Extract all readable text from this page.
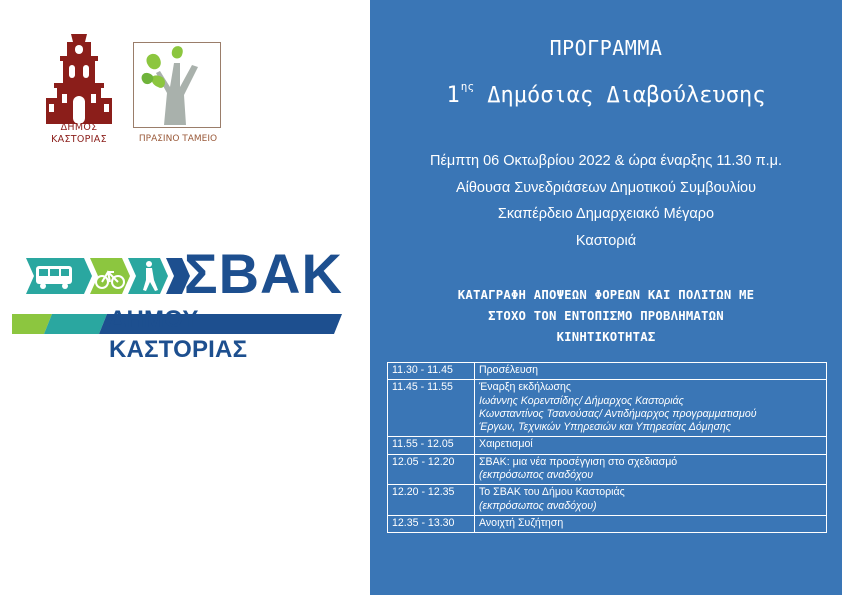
ΔΗΜΟΣ
ΚΑΣΤΟΡΙΑΣ	ΠΡΑΣΙΝΟ ΤΑΜΕΙΟ
ΣΒΑΚ
ΔΗΜΟΥ ΚΑΣΤΟΡΙΑΣ
ΠΡΟΓΡΑΜΜΑ
$1^{\eta\varsigma}$ Δημόσιας Διαβούλευσης
Πέμπτη 06 Οκτωβρίου 2022 & ώρα έναρξης 11.30 π.μ.
Αίθουσα Συνεδριάσεων Δημοτικού Συμβουλίου
Σκαπέρδειο Δημαρχειακό Μέγαρο
Καστοριά
ΚΑΤΑΓΡΑΦΗ ΑΠΟΨΕΩΝ ΦΟΡΕΩΝ ΚΑΙ ΠΟΛΙΤΩΝ ΜΕ
ΣΤΟΧΟ ΤΟΝ ΕΝΤΟΠΙΣΜΟ ΠΡΟΒΛΗΜΑΤΩΝ
ΚΙΝΗΤΙΚΟΤΗΤΑΣ
11.30 - 11.45	Προσέλευση

11.45 - 11.55	Έναρξη εκδήλωσης
Ιωάννης Κορεντσίδης/ Δήμαρχος Καστοριάς
Κωνσταντίνος Τσανούσας/ Αντιδήμαρχος προγραμματισμού
Έργων, Τεχνικών Υπηρεσιών και Υπηρεσίας Δόμησης

11.55 - 12.05	Χαιρετισμοί

12.05 - 12.20	ΣΒΑΚ: μια νέα προσέγγιση στο σχεδιασμό
(εκπρόσωπος αναδόχου

12.20 - 12.35	Το ΣΒΑΚ του Δήμου Καστοριάς
(εκπρόσωπος αναδόχου)

12.35 - 13.30	Ανοιχτή Συζήτηση
